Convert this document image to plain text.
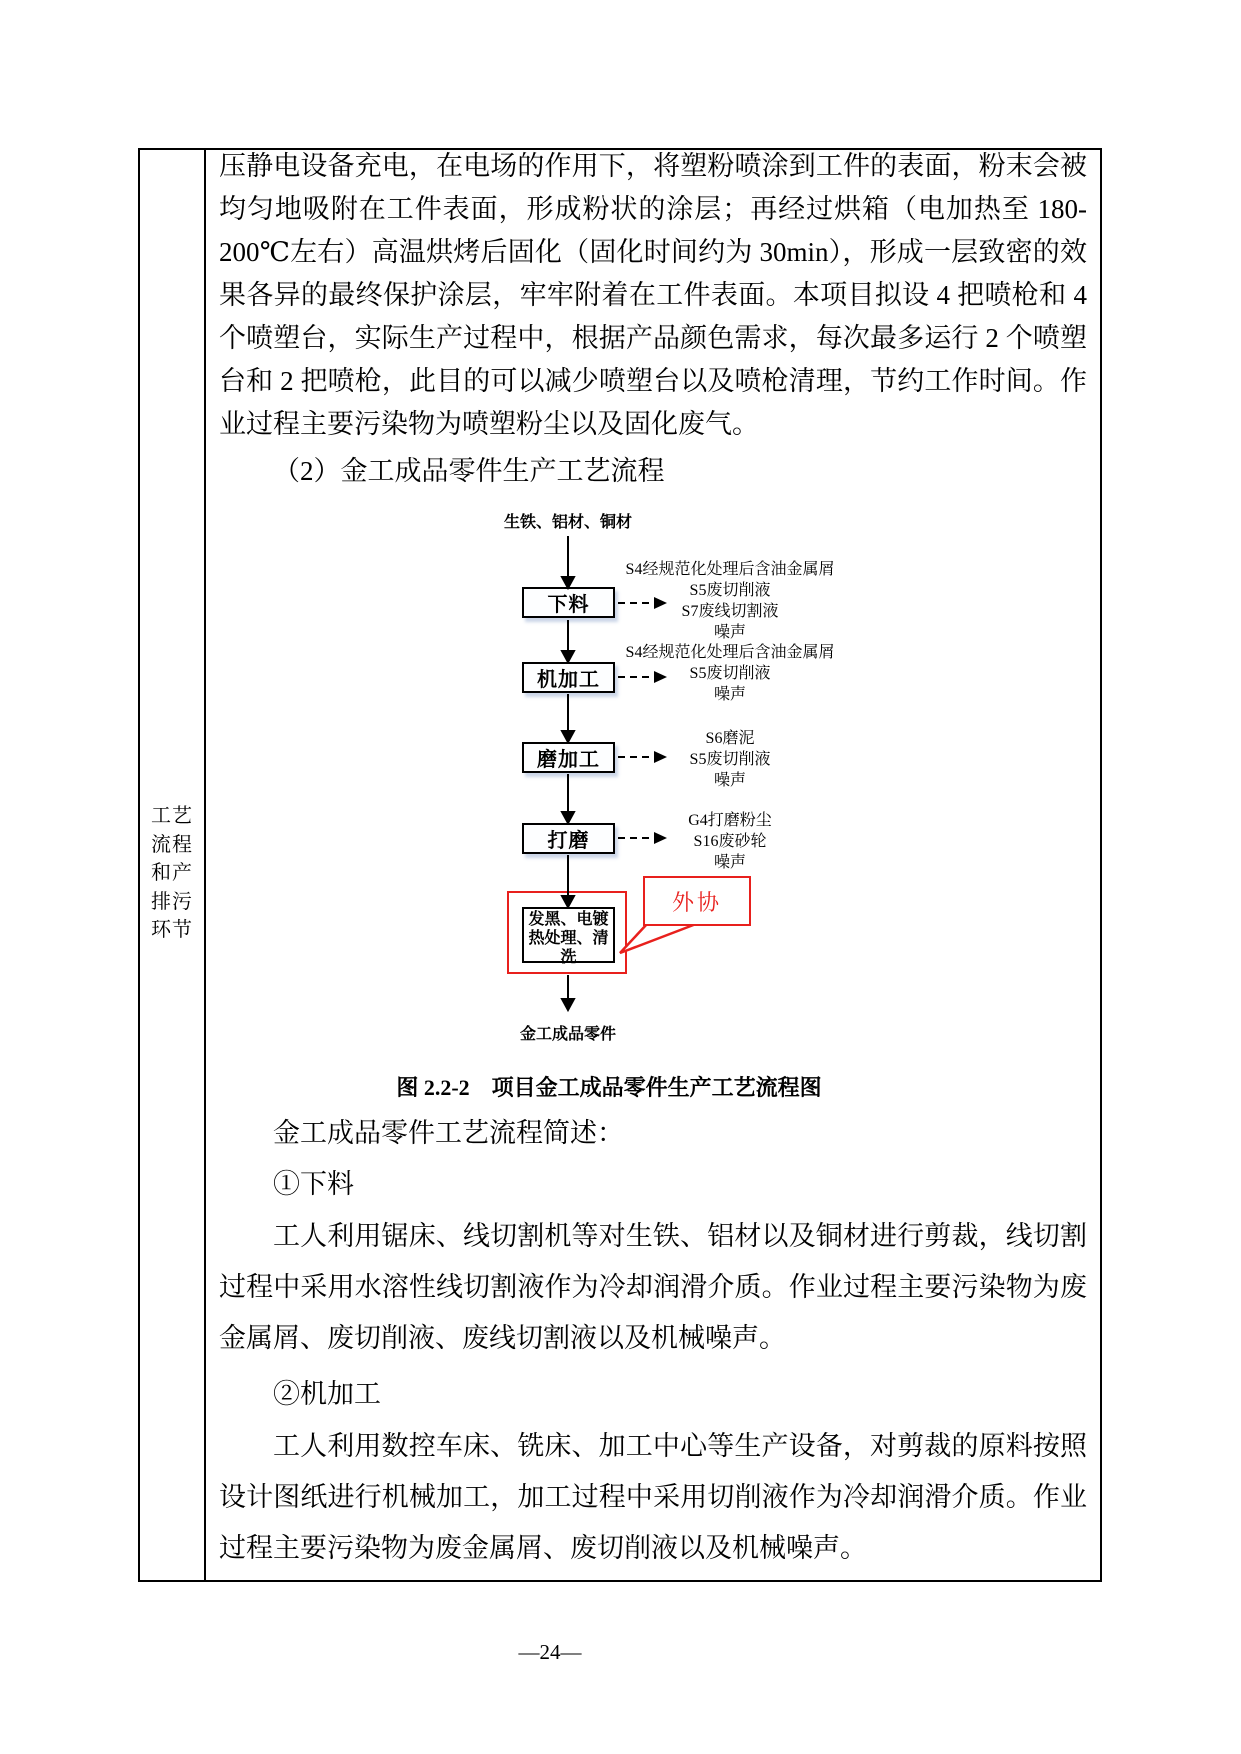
工艺
流程
和产
排污
环节
压静电设备充电，在电场的作用下，将塑粉喷涂到工件的表面，粉末会被均匀地吸附在工件表面，形成粉状的涂层；再经过烘箱（电加热至 180-200℃左右）高温烘烤后固化（固化时间约为 30min），形成一层致密的效果各异的最终保护涂层，牢牢附着在工件表面。本项目拟设 4 把喷枪和 4 个喷塑台，实际生产过程中，根据产品颜色需求，每次最多运行 2 个喷塑台和 2 把喷枪，此目的可以减少喷塑台以及喷枪清理，节约工作时间。作业过程主要污染物为喷塑粉尘以及固化废气。
（2）金工成品零件生产工艺流程
图 2.2-2　项目金工成品零件生产工艺流程图
金工成品零件工艺流程简述：
①下料
工人利用锯床、线切割机等对生铁、铝材以及铜材进行剪裁，线切割过程中采用水溶性线切割液作为冷却润滑介质。作业过程主要污染物为废金属屑、废切削液、废线切割液以及机械噪声。
②机加工
工人利用数控车床、铣床、加工中心等生产设备，对剪裁的原料按照设计图纸进行机械加工，加工过程中采用切削液作为冷却润滑介质。作业过程主要污染物为废金属屑、废切削液以及机械噪声。
生铁、铝材、铜材
下料
机加工
磨加工
打磨
发黑、电镀热处理、清洗
外协
S4经规范化处理后含油金属屑
S5废切削液
S7废线切割液
噪声
S4经规范化处理后含油金属屑
S5废切削液
噪声
S6磨泥
S5废切削液
噪声
G4打磨粉尘
S16废砂轮
噪声
金工成品零件
—24—
